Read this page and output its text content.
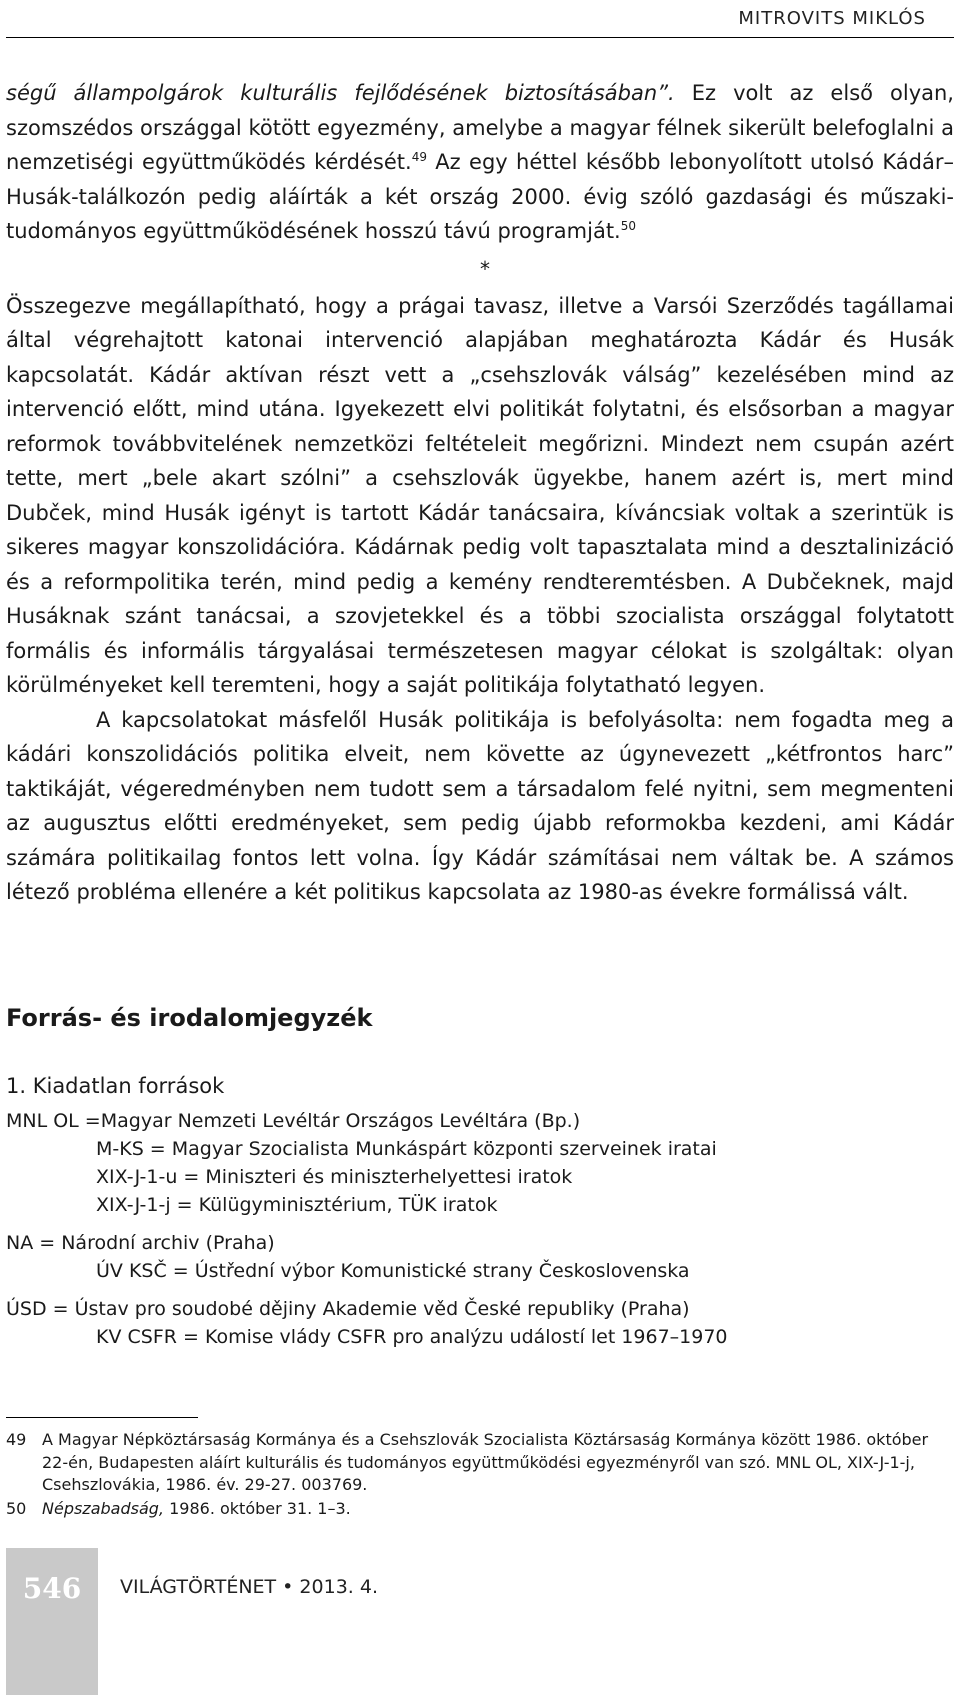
MITROVITS MIKLÓS

ségű állampolgárok kulturális fejlődésének biztosításában”. Ez volt az első olyan, szomszédos országgal kötött egyezmény, amelybe a magyar félnek sikerült belefoglalni a nemzetiségi együttműködés kérdését.$^{49}$ Az egy héttel később lebonyolított utolsó Kádár–Husák-találkozón pedig aláírták a két ország 2000. évig szóló gazdasági és műszaki-tudományos együttműködésének hosszú távú programját.$^{50}$

*

Összegezve megállapítható, hogy a prágai tavasz, illetve a Varsói Szerződés tagállamai által végrehajtott katonai intervenció alapjában meghatározta Kádár és Husák kapcsolatát. Kádár aktívan részt vett a „csehszlovák válság” kezelésében mind az intervenció előtt, mind utána. Igyekezett elvi politikát folytatni, és elsősorban a magyar reformok továbbvitelének nemzetközi feltételeit megőrizni. Mindezt nem csupán azért tette, mert „bele akart szólni” a csehszlovák ügyekbe, hanem azért is, mert mind Dubček, mind Husák igényt is tartott Kádár tanácsaira, kíváncsiak voltak a szerintük is sikeres magyar konszolidációra. Kádárnak pedig volt tapasztalata mind a desztalinizáció és a reformpolitika terén, mind pedig a kemény rendteremtésben. A Dubčeknek, majd Husáknak szánt tanácsai, a szovjetekkel és a többi szocialista országgal folytatott formális és informális tárgyalásai természetesen magyar célokat is szolgáltak: olyan körülményeket kell teremteni, hogy a saját politikája folytatható legyen.

A kapcsolatokat másfelől Husák politikája is befolyásolta: nem fogadta meg a kádári konszolidációs politika elveit, nem követte az úgynevezett „kétfrontos harc” taktikáját, végeredményben nem tudott sem a társadalom felé nyitni, sem megmenteni az augusztus előtti eredményeket, sem pedig újabb reformokba kezdeni, ami Kádár számára politikailag fontos lett volna. Így Kádár számításai nem váltak be. A számos létező probléma ellenére a két politikus kapcsolata az 1980-as évekre formálissá vált.

Forrás- és irodalomjegyzék
1. Kiadatlan források
MNL OL =Magyar Nemzeti Levéltár Országos Levéltára (Bp.)
M-KS = Magyar Szocialista Munkáspárt központi szerveinek iratai
XIX-J-1-u = Miniszteri és miniszterhelyettesi iratok
XIX-J-1-j = Külügyminisztérium, TÜK iratok
NA = Národní archiv (Praha)
ÚV KSČ = Ústřední výbor Komunistické strany Československa
ÚSD = Ústav pro soudobé dějiny Akademie věd České republiky (Praha)
KV CSFR = Komise vlády CSFR pro analýzu událostí let 1967–1970
49 A Magyar Népköztársaság Kormánya és a Csehszlovák Szocialista Köztársaság Kormánya között 1986. október 22-én, Budapesten aláírt kulturális és tudományos együttműködési egyezményről van szó. MNL OL, XIX-J-1-j, Csehszlovákia, 1986. év. 29-27. 003769.
50 Népszabadság, 1986. október 31. 1–3.
546	VILÁGTÖRTÉNET • 2013. 4.
